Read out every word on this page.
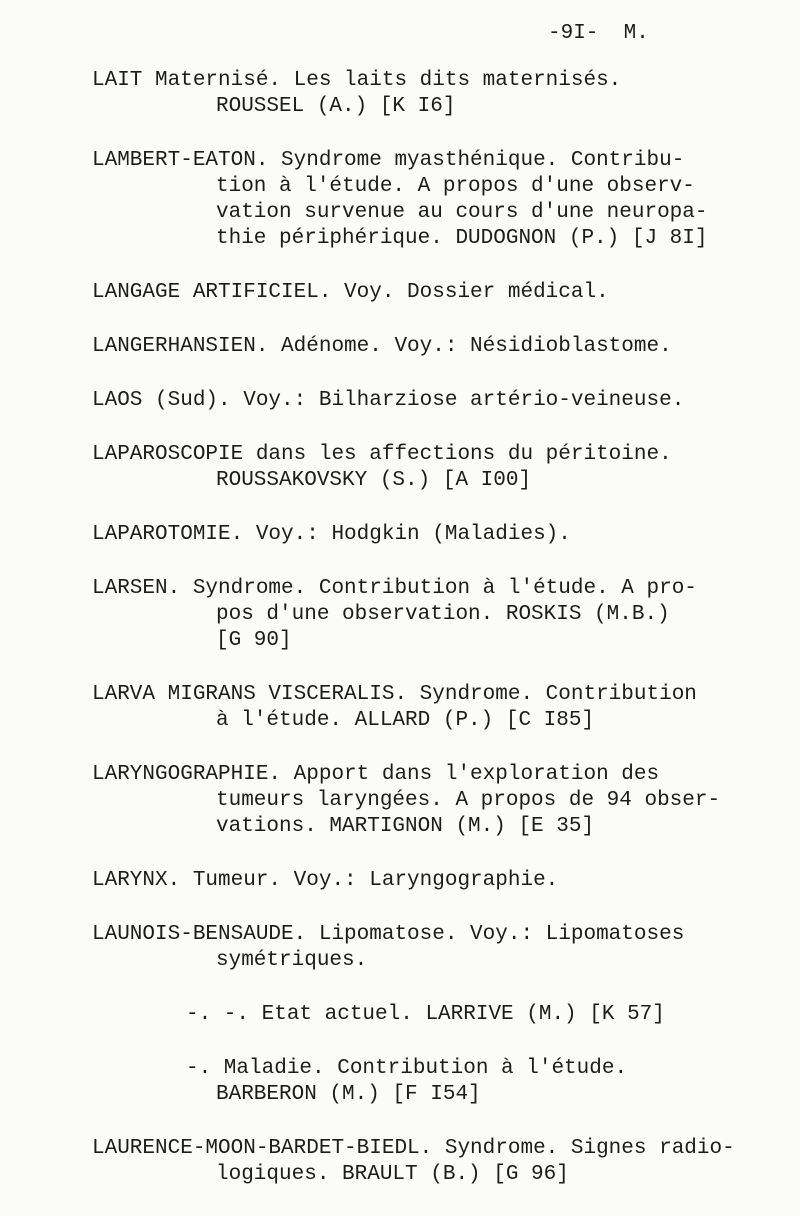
-9I- M.
LAIT Maternisé. Les laits dits maternisés.
ROUSSEL (A.) [K I6]
LAMBERT-EATON. Syndrome myasthénique. Contribu-
tion à l'étude. A propos d'une observ-
vation survenue au cours d'une neuropa-
thie périphérique. DUDOGNON (P.) [J 8I]
LANGAGE ARTIFICIEL. Voy. Dossier médical.
LANGERHANSIEN. Adénome. Voy.: Nésidioblastome.
LAOS (Sud). Voy.: Bilharziose artério-veineuse.
LAPAROSCOPIE dans les affections du péritoine.
ROUSSAKOVSKY (S.) [A I00]
LAPAROTOMIE. Voy.: Hodgkin (Maladies).
LARSEN. Syndrome. Contribution à l'étude. A pro-
pos d'une observation. ROSKIS (M.B.)
[G 90]
LARVA MIGRANS VISCERALIS. Syndrome. Contribution
à l'étude. ALLARD (P.) [C I85]
LARYNGOGRAPHIE. Apport dans l'exploration des
tumeurs laryngées. A propos de 94 obser-
vations. MARTIGNON (M.) [E 35]
LARYNX. Tumeur. Voy.: Laryngographie.
LAUNOIS-BENSAUDE. Lipomatose. Voy.: Lipomatoses
symétriques.
-. -. Etat actuel. LARRIVE (M.) [K 57]
-. Maladie. Contribution à l'étude.
BARBERON (M.) [F I54]
LAURENCE-MOON-BARDET-BIEDL. Syndrome. Signes radio-
logiques. BRAULT (B.) [G 96]
